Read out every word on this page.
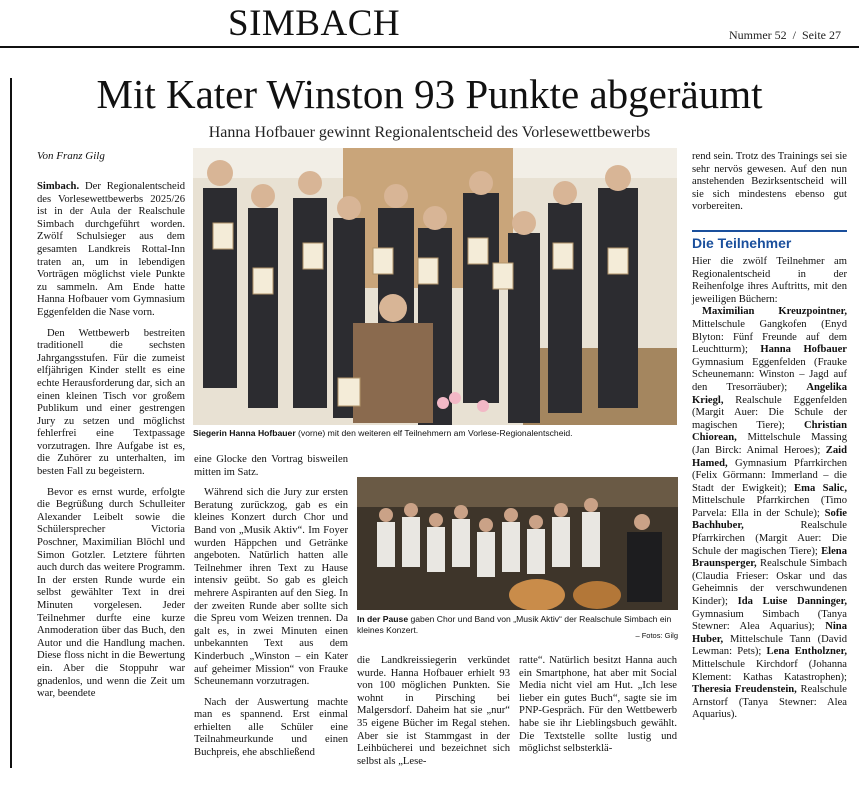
SIMBACH	Nummer 52  /  Seite 27
Mit Kater Winston 93 Punkte abgeräumt
Hanna Hofbauer gewinnt Regionalentscheid des Vorlesewettbewerbs
Von Franz Gilg

Simbach. Der Regionalentscheid des Vorlesewettbewerbs 2025/26 ist in der Aula der Realschule Simbach durchgeführt worden. Zwölf Schulsieger aus dem gesamten Landkreis Rottal-Inn traten an, um in lebendigen Vorträgen möglichst viele Punkte zu sammeln. Am Ende hatte Hanna Hofbauer vom Gymnasium Eggenfelden die Nase vorn.

Den Wettbewerb bestreiten traditionell die sechsten Jahrgangsstufen. Für die zumeist elfjährigen Kinder stellt es eine echte Herausforderung dar, sich an einen kleinen Tisch vor großem Publikum und einer gestrengen Jury zu setzen und möglichst fehlerfrei eine Textpassage vorzutragen. Ihre Aufgabe ist es, die Zuhörer zu unterhalten, im besten Fall zu begeistern.

Bevor es ernst wurde, erfolgte die Begrüßung durch Schulleiter Alexander Leibelt sowie die Schülersprecher Victoria Poschner, Maximilian Blöchl und Simon Gotzler. Letztere führten auch durch das weitere Programm. In der ersten Runde wurde ein selbst gewählter Text in drei Minuten vorgelesen. Jeder Teilnehmer durfte eine kurze Anmoderation über das Buch, den Autor und die Handlung machen. Diese floss nicht in die Bewertung ein. Aber die Stoppuhr war gnadenlos, und wenn die Zeit um war, beendete

Siegerin Hanna Hofbauer (vorne) mit den weiteren elf Teilnehmern am Vorlese-Regionalentscheid.

eine Glocke den Vortrag bisweilen mitten im Satz.

Während sich die Jury zur ersten Beratung zurückzog, gab es ein kleines Konzert durch Chor und Band von „Musik Aktiv“. Im Foyer wurden Häppchen und Getränke angeboten. Natürlich hatten alle Teilnehmer ihren Text zu Hause intensiv geübt. So gab es gleich mehrere Aspiranten auf den Sieg. In der zweiten Runde aber sollte sich die Spreu vom Weizen trennen. Da galt es, in zwei Minuten einen unbekannten Text aus dem Kinderbuch „Winston – ein Kater auf geheimer Mission“ von Frauke Scheunemann vorzutragen.

Nach der Auswertung machte man es spannend. Erst einmal erhielten alle Schüler eine Teilnahmeurkunde und einen Buchpreis, ehe abschließend

In der Pause gaben Chor und Band von „Musik Aktiv“ der Realschule Simbach ein kleines Konzert.
– Fotos: Gilg

die Landkreissiegerin verkündet wurde. Hanna Hofbauer erhielt 93 von 100 möglichen Punkten. Sie wohnt in Pirsching bei Malgersdorf. Daheim hat sie „nur“ 35 eigene Bücher im Regal stehen. Aber sie ist Stammgast in der Leihbücherei und bezeichnet sich selbst als „Lese-

ratte“. Natürlich besitzt Hanna auch ein Smartphone, hat aber mit Social Media nicht viel am Hut. „Ich lese lieber ein gutes Buch“, sagte sie im PNP-Gespräch. Für den Wettbewerb habe sie ihr Lieblingsbuch gewählt. Die Textstelle sollte lustig und möglichst selbsterklä-

rend sein. Trotz des Trainings sei sie sehr nervös gewesen. Auf den nun anstehenden Bezirksentscheid will sie sich mindestens ebenso gut vorbereiten.

Die Teilnehmer

Hier die zwölf Teilnehmer am Regionalentscheid in der Reihenfolge ihres Auftritts, mit den jeweiligen Büchern:

Maximilian Kreuzpointner, Mittelschule Gangkofen (Enyd Blyton: Fünf Freunde auf dem Leuchtturm); Hanna Hofbauer Gymnasium Eggenfelden (Frauke Scheunemann: Winston – Jagd auf den Tresorräuber); Angelika Kriegl, Realschule Eggenfelden (Margit Auer: Die Schule der magischen Tiere); Christian Chiorean, Mittelschule Massing (Jan Birck: Animal Heroes); Zaid Hamed, Gymnasium Pfarrkirchen (Felix Görmann: Immerland – die Stadt der Ewigkeit); Ema Salic, Mittelschule Pfarrkirchen (Timo Parvela: Ella in der Schule); Sofie Bachhuber, Realschule Pfarrkirchen (Margit Auer: Die Schule der magischen Tiere); Elena Braunsperger, Realschule Simbach (Claudia Frieser: Oskar und das Geheimnis der verschwundenen Kinder); Ida Luise Danninger, Gymnasium Simbach (Tanya Stewner: Alea Aquarius); Nina Huber, Mittelschule Tann (David Lewman: Pets); Lena Entholzner, Mittelschule Kirchdorf (Johanna Klement: Kathas Katastrophen); Theresia Freudenstein, Realschule Arnstorf (Tanya Stewner: Alea Aquarius).
